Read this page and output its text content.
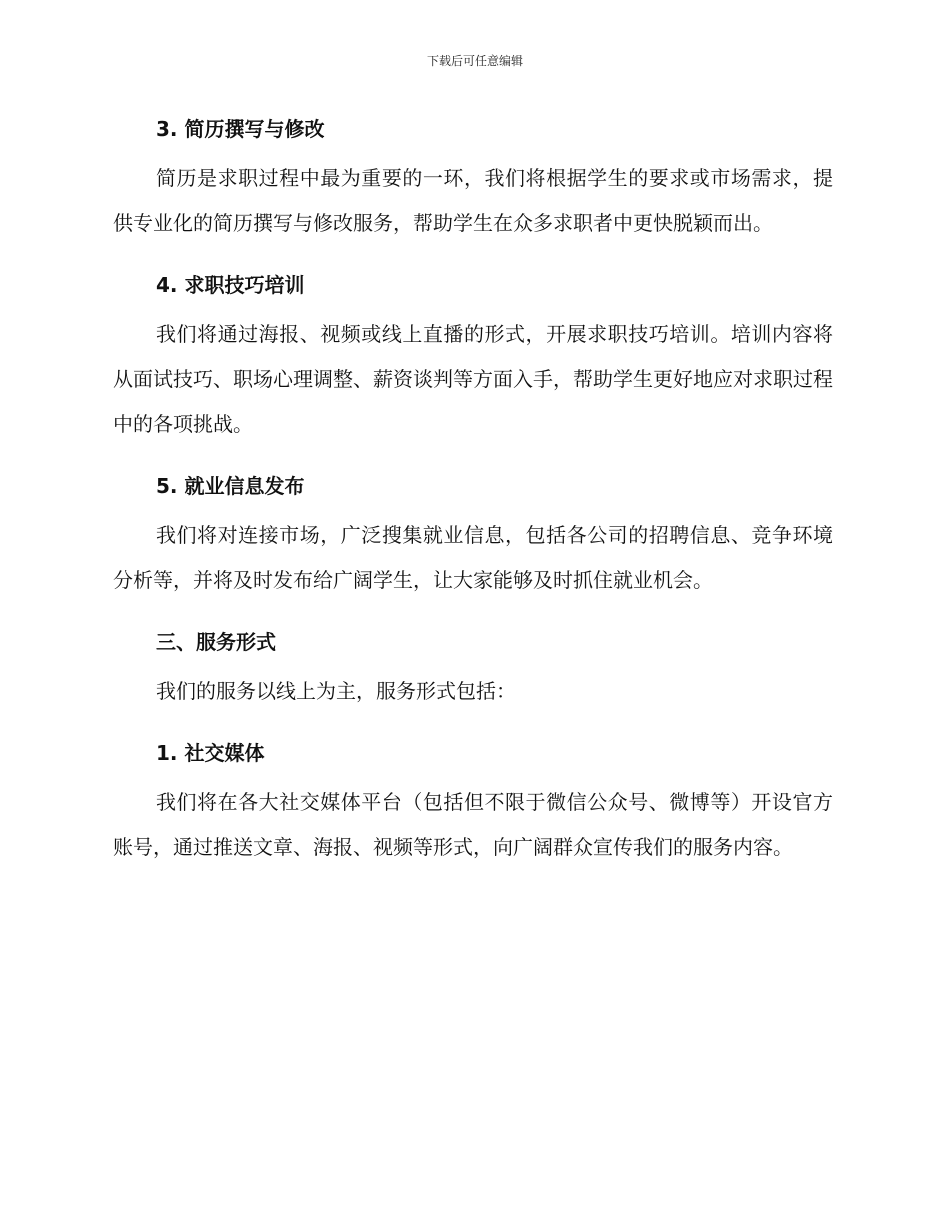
下载后可任意编辑
3. 简历撰写与修改

简历是求职过程中最为重要的一环，我们将根据学生的要求或市场需求，提供专业化的简历撰写与修改服务，帮助学生在众多求职者中更快脱颖而出。

4. 求职技巧培训

我们将通过海报、视频或线上直播的形式，开展求职技巧培训。培训内容将从面试技巧、职场心理调整、薪资谈判等方面入手，帮助学生更好地应对求职过程中的各项挑战。

5. 就业信息发布

我们将对连接市场，广泛搜集就业信息，包括各公司的招聘信息、竞争环境分析等，并将及时发布给广阔学生，让大家能够及时抓住就业机会。

三、服务形式

我们的服务以线上为主，服务形式包括：

1. 社交媒体

我们将在各大社交媒体平台（包括但不限于微信公众号、微博等）开设官方账号，通过推送文章、海报、视频等形式，向广阔群众宣传我们的服务内容。
